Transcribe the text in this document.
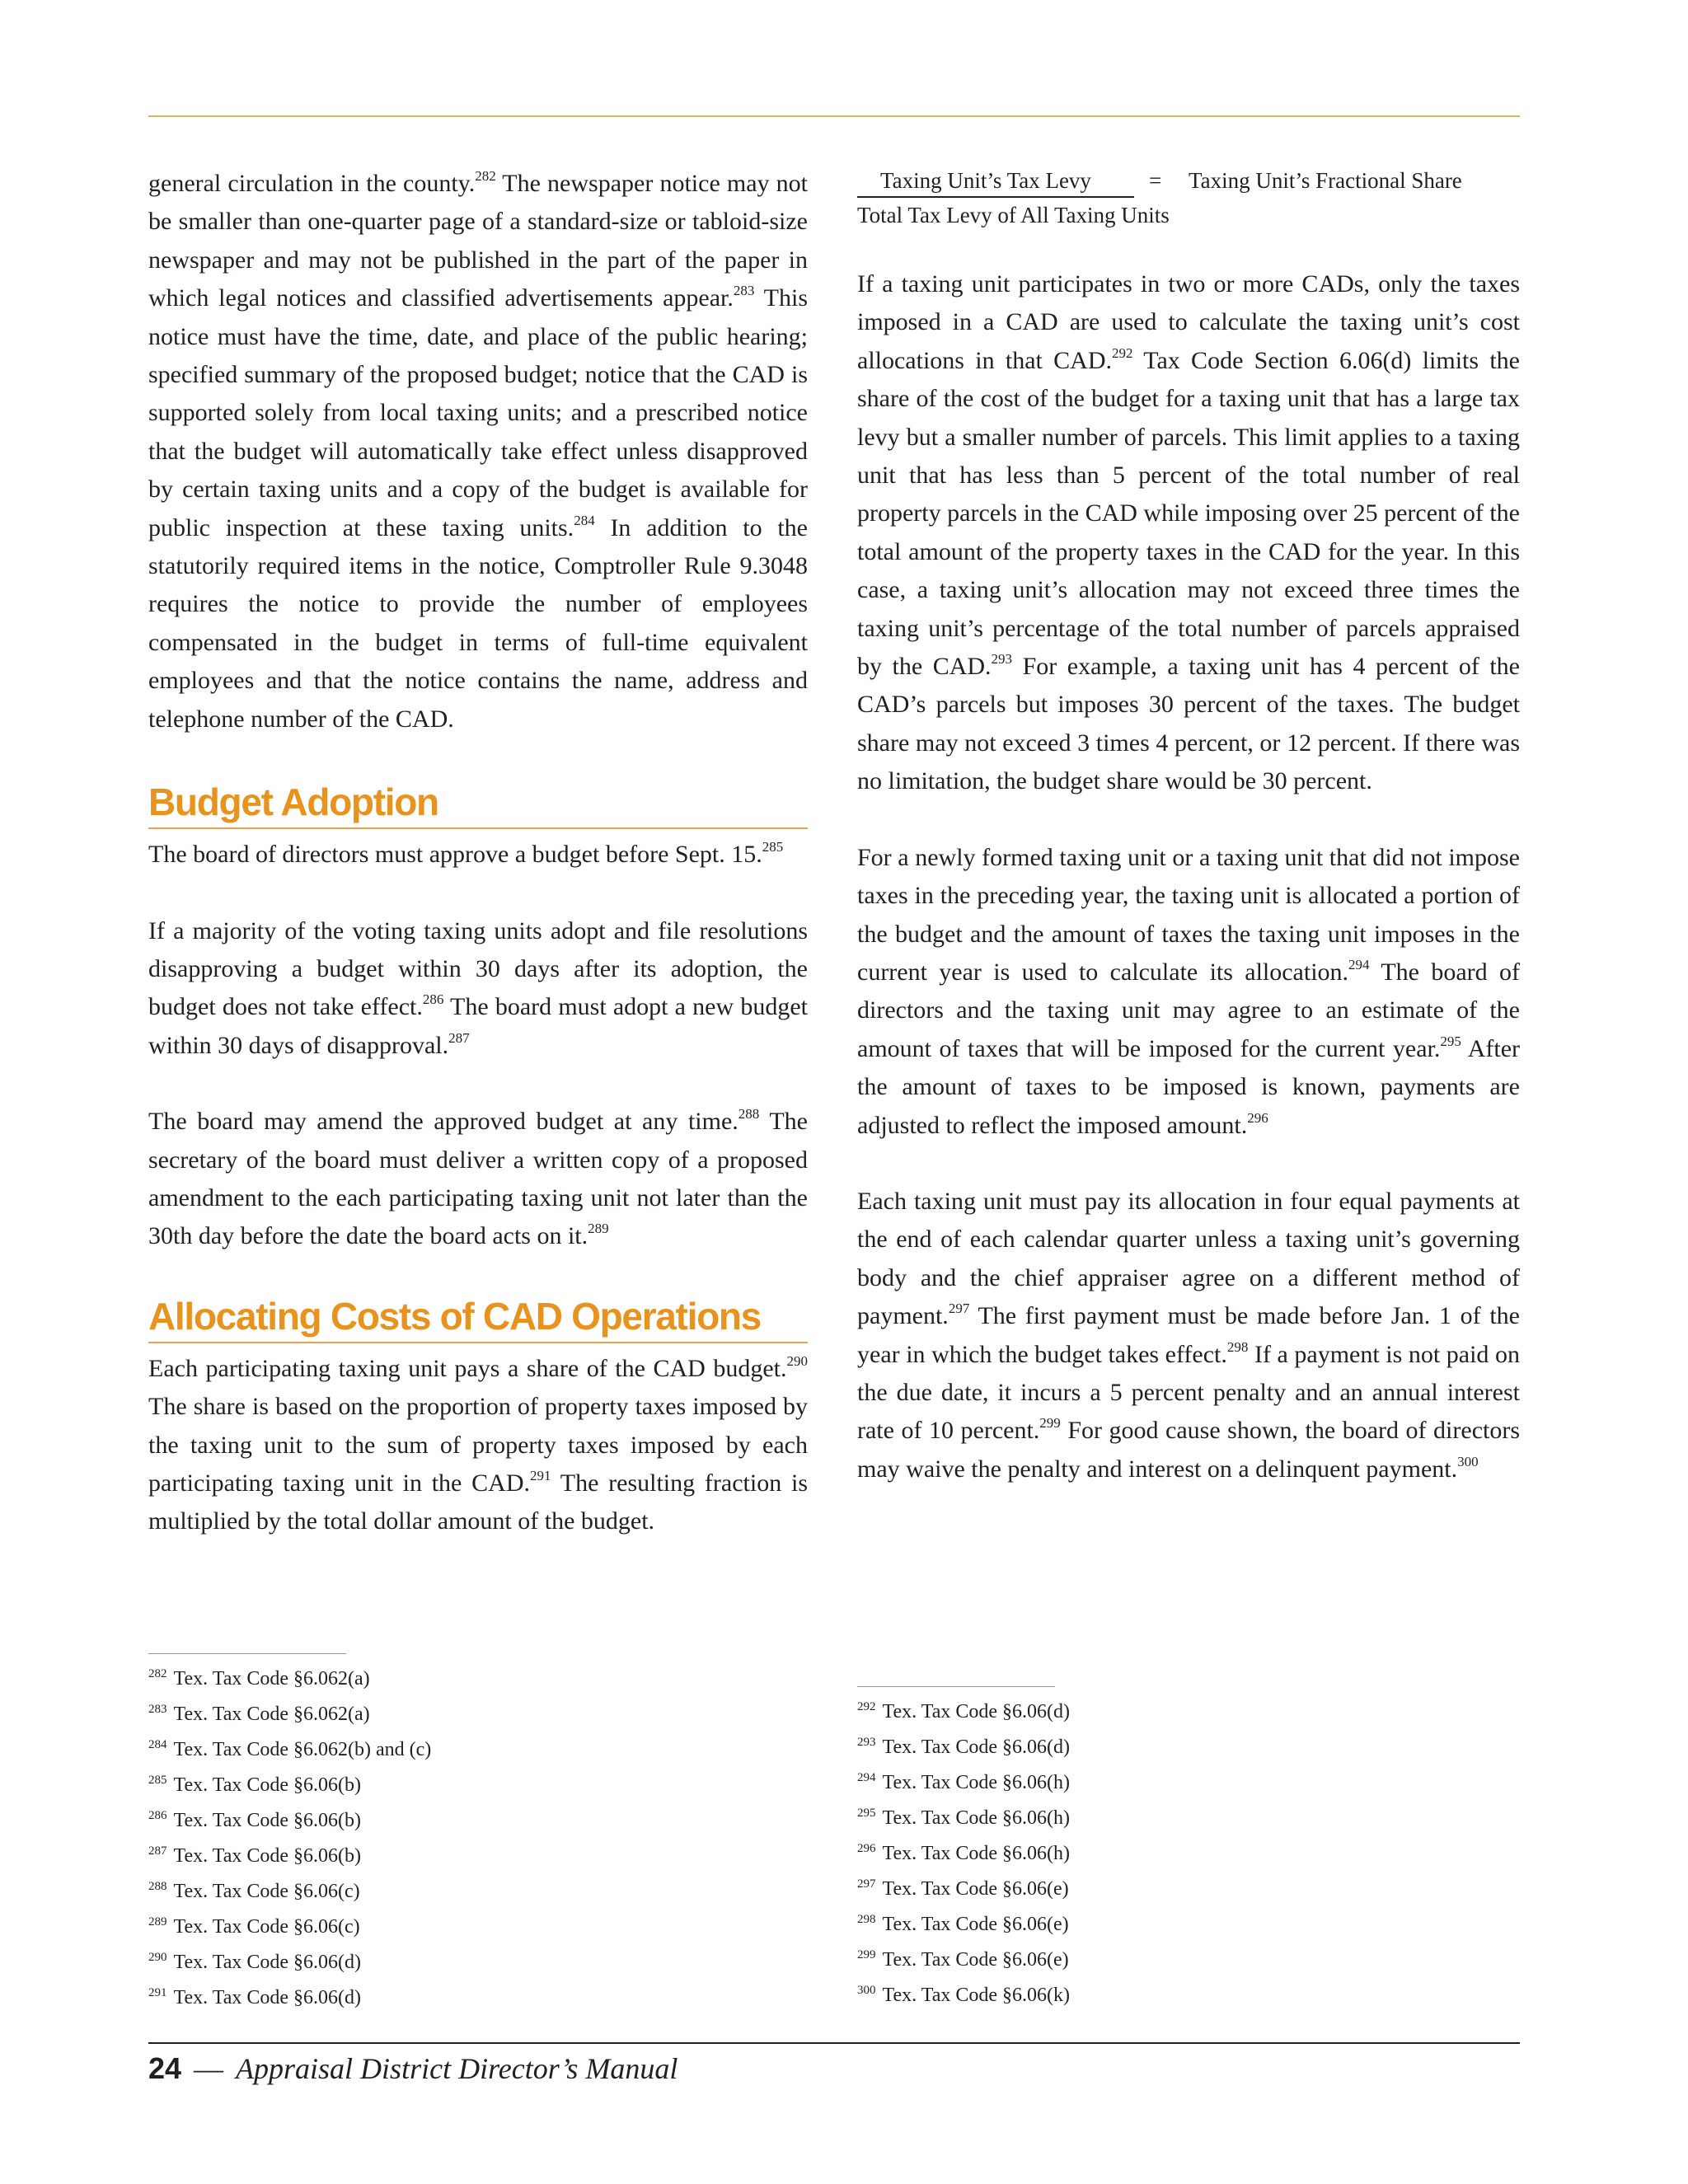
general circulation in the county.$^{282}$ The newspaper notice may not be smaller than one-quarter page of a standard-size or tabloid-size newspaper and may not be published in the part of the paper in which legal notices and classified advertisements appear.$^{283}$ This notice must have the time, date, and place of the public hearing; specified summary of the proposed budget; notice that the CAD is supported solely from local taxing units; and a prescribed notice that the budget will automatically take effect unless disapproved by certain taxing units and a copy of the budget is available for public inspection at these taxing units.$^{284}$ In addition to the statutorily required items in the notice, Comptroller Rule 9.3048 requires the notice to provide the number of employees compensated in the budget in terms of full-time equivalent employees and that the notice contains the name, address and telephone number of the CAD.

Budget Adoption

The board of directors must approve a budget before Sept. 15.$^{285}$

If a majority of the voting taxing units adopt and file resolutions disapproving a budget within 30 days after its adoption, the budget does not take effect.$^{286}$ The board must adopt a new budget within 30 days of disapproval.$^{287}$

The board may amend the approved budget at any time.$^{288}$ The secretary of the board must deliver a written copy of a proposed amendment to the each participating taxing unit not later than the 30th day before the date the board acts on it.$^{289}$

Allocating Costs of CAD Operations

Each participating taxing unit pays a share of the CAD budget.$^{290}$ The share is based on the proportion of property taxes imposed by the taxing unit to the sum of property taxes imposed by each participating taxing unit in the CAD.$^{291}$ The resulting fraction is multiplied by the total dollar amount of the budget.

Taxing Unit’s Tax Levy	= Taxing Unit’s Fractional Share
Total Tax Levy of All Taxing Units

If a taxing unit participates in two or more CADs, only the taxes imposed in a CAD are used to calculate the taxing unit’s cost allocations in that CAD.$^{292}$ Tax Code Section 6.06(d) limits the share of the cost of the budget for a taxing unit that has a large tax levy but a smaller number of parcels. This limit applies to a taxing unit that has less than 5 percent of the total number of real property parcels in the CAD while imposing over 25 percent of the total amount of the property taxes in the CAD for the year. In this case, a taxing unit’s allocation may not exceed three times the taxing unit’s percentage of the total number of parcels appraised by the CAD.$^{293}$ For example, a taxing unit has 4 percent of the CAD’s parcels but imposes 30 percent of the taxes. The budget share may not exceed 3 times 4 percent, or 12 percent. If there was no limitation, the budget share would be 30 percent.

For a newly formed taxing unit or a taxing unit that did not impose taxes in the preceding year, the taxing unit is allocated a portion of the budget and the amount of taxes the taxing unit imposes in the current year is used to calculate its allocation.$^{294}$ The board of directors and the taxing unit may agree to an estimate of the amount of taxes that will be imposed for the current year.$^{295}$ After the amount of taxes to be imposed is known, payments are adjusted to reflect the imposed amount.$^{296}$

Each taxing unit must pay its allocation in four equal payments at the end of each calendar quarter unless a taxing unit’s governing body and the chief appraiser agree on a different method of payment.$^{297}$ The first payment must be made before Jan. 1 of the year in which the budget takes effect.$^{298}$ If a payment is not paid on the due date, it incurs a 5 percent penalty and an annual interest rate of 10 percent.$^{299}$ For good cause shown, the board of directors may waive the penalty and interest on a delinquent payment.$^{300}$

$^{282}$ Tex. Tax Code §6.062(a)

$^{283}$ Tex. Tax Code §6.062(a)

$^{284}$ Tex. Tax Code §6.062(b) and (c)

$^{285}$ Tex. Tax Code §6.06(b)

$^{286}$ Tex. Tax Code §6.06(b)

$^{287}$ Tex. Tax Code §6.06(b)

$^{288}$ Tex. Tax Code §6.06(c)

$^{289}$ Tex. Tax Code §6.06(c)

$^{290}$ Tex. Tax Code §6.06(d)

$^{291}$ Tex. Tax Code §6.06(d)

$^{292}$ Tex. Tax Code §6.06(d)

$^{293}$ Tex. Tax Code §6.06(d)

$^{294}$ Tex. Tax Code §6.06(h)

$^{295}$ Tex. Tax Code §6.06(h)

$^{296}$ Tex. Tax Code §6.06(h)

$^{297}$ Tex. Tax Code §6.06(e)

$^{298}$ Tex. Tax Code §6.06(e)

$^{299}$ Tex. Tax Code §6.06(e)

$^{300}$ Tex. Tax Code §6.06(k)

24 — Appraisal District Director’s Manual
